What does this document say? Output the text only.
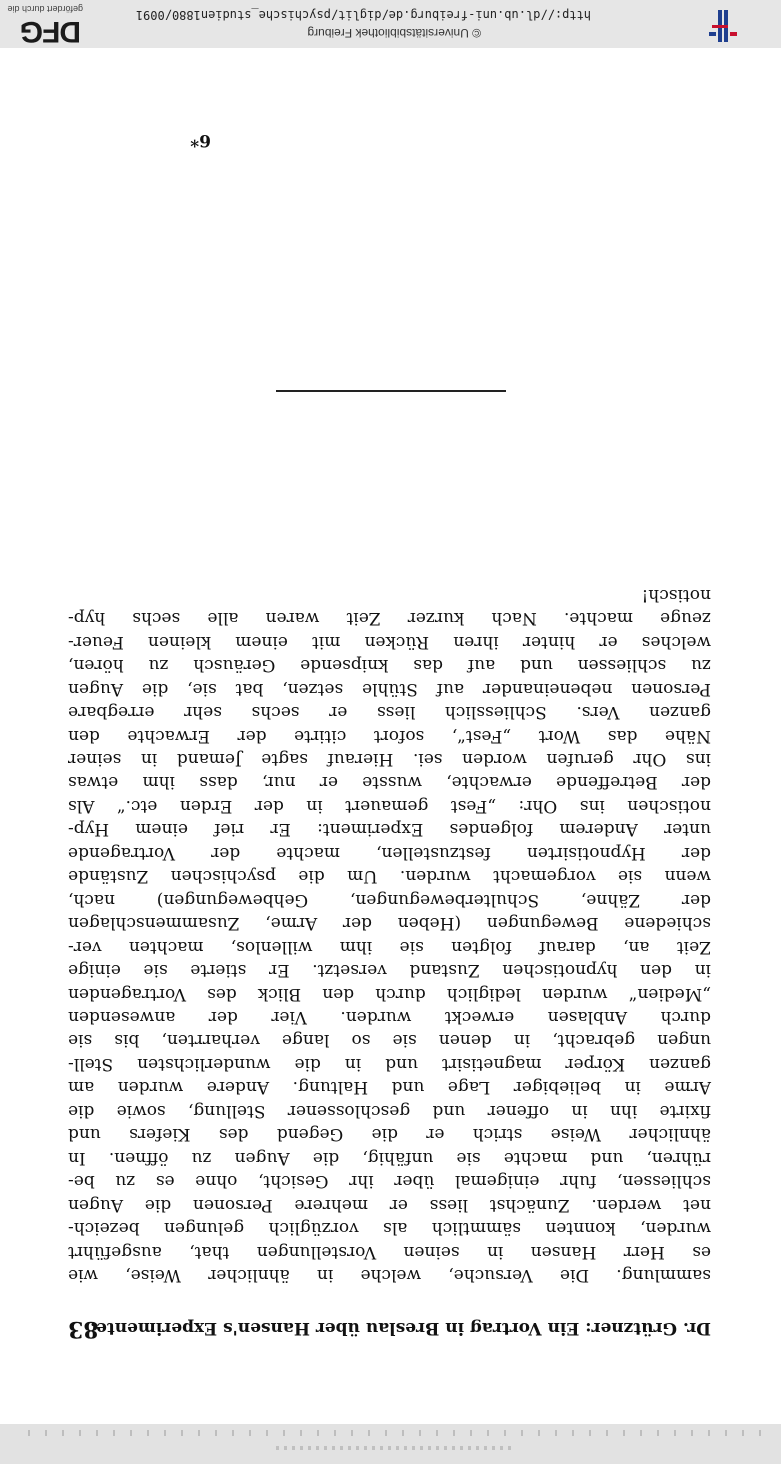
© Universitätsbibliothek Freiburg
http://dl.ub.uni-freiburg.de/diglit/psychische_studien1880/0091
DFG
gefördert durch die
Dr. Grützner: Ein Vortrag in Breslau über Hansen's Experimente.
83
sammlung. Die Versuche, welche in ähnlicher Weise, wie
es Herr Hansen in seinen Vorstellungen that, ausgeführt
wurden, konnten sämmtlich als vorzüglich gelungen bezeich-
net werden. Zunächst liess er mehrere Personen die Augen
schliessen, fuhr einigemal über ihr Gesicht, ohne es zu be-
rühren, und machte sie unfähig, die Augen zu öffnen. In
ähnlicher Weise strich er die Gegend des Kiefers und
fixirte ihn in offener und geschlossener Stellung, sowie die
Arme in beliebiger Lage und Haltung. Andere wurden am
ganzen Körper magnetisirt und in die wunderlichsten Stell-
ungen gebracht, in denen sie so lange verharrten, bis sie
durch Anblasen erweckt wurden. Vier der anwesenden
„Medien“ wurden lediglich durch den Blick des Vortragenden
in den hypnotischen Zustand versetzt. Er stierte sie einige
Zeit an, darauf folgten sie ihm willenlos, machten ver-
schiedene Bewegungen (Heben der Arme, Zusammenschlagen
der Zähne, Schulterbewegungen, Gehbewegungen) nach,
wenn sie vorgemacht wurden. Um die psychischen Zustände
der Hypnotisirten festzustellen, machte der Vortragende
unter Anderem folgendes Experiment: Er rief einem Hyp-
notischen ins Ohr: „Fest gemauert in der Erden etc.“ Als
der Betreffende erwachte, wusste er nur, dass ihm etwas
ins Ohr gerufen worden sei. Hierauf sagte Jemand in seiner
Nähe das Wort „Fest“, sofort citirte der Erwachte den
ganzen Vers. Schliesslich liess er sechs sehr erregbare
Personen nebeneinander auf Stühle setzen, bat sie, die Augen
zu schliessen und auf das knipsende Geräusch zu hören,
welches er hinter ihren Rücken mit einem kleinen Feuer-
zeuge machte. Nach kurzer Zeit waren alle sechs hyp-
notisch!
6*
